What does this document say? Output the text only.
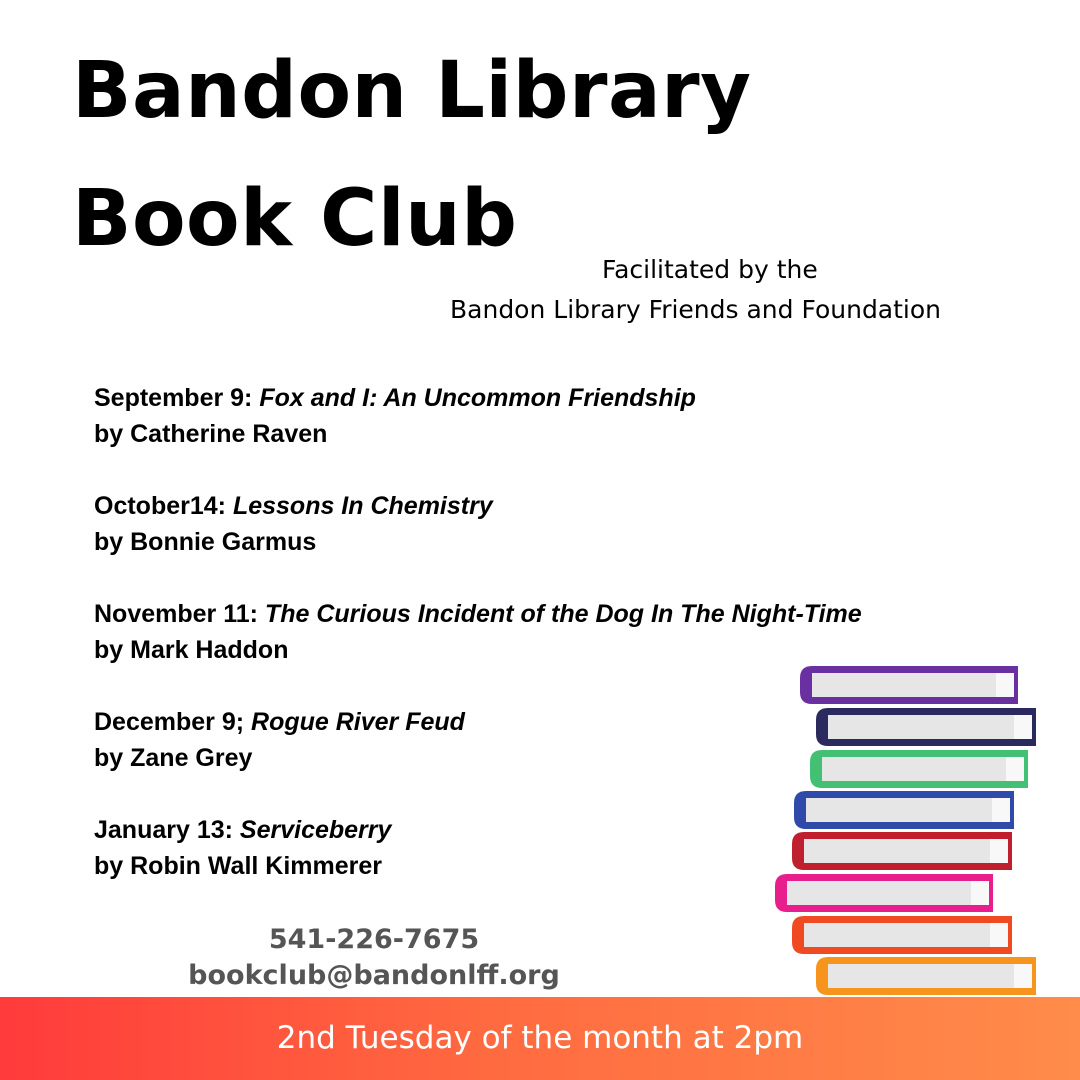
Bandon Library
Book Club
Facilitated by the
Bandon Library Friends and Foundation
September 9: Fox and I: An Uncommon Friendship
by Catherine Raven
October14: Lessons In Chemistry
by Bonnie Garmus
November 11: The Curious Incident of the Dog In The Night-Time
by Mark Haddon
December 9; Rogue River Feud
by Zane Grey
January 13: Serviceberry
by Robin Wall Kimmerer
541-226-7675
bookclub@bandonlff.org
2nd Tuesday of the month at 2pm
